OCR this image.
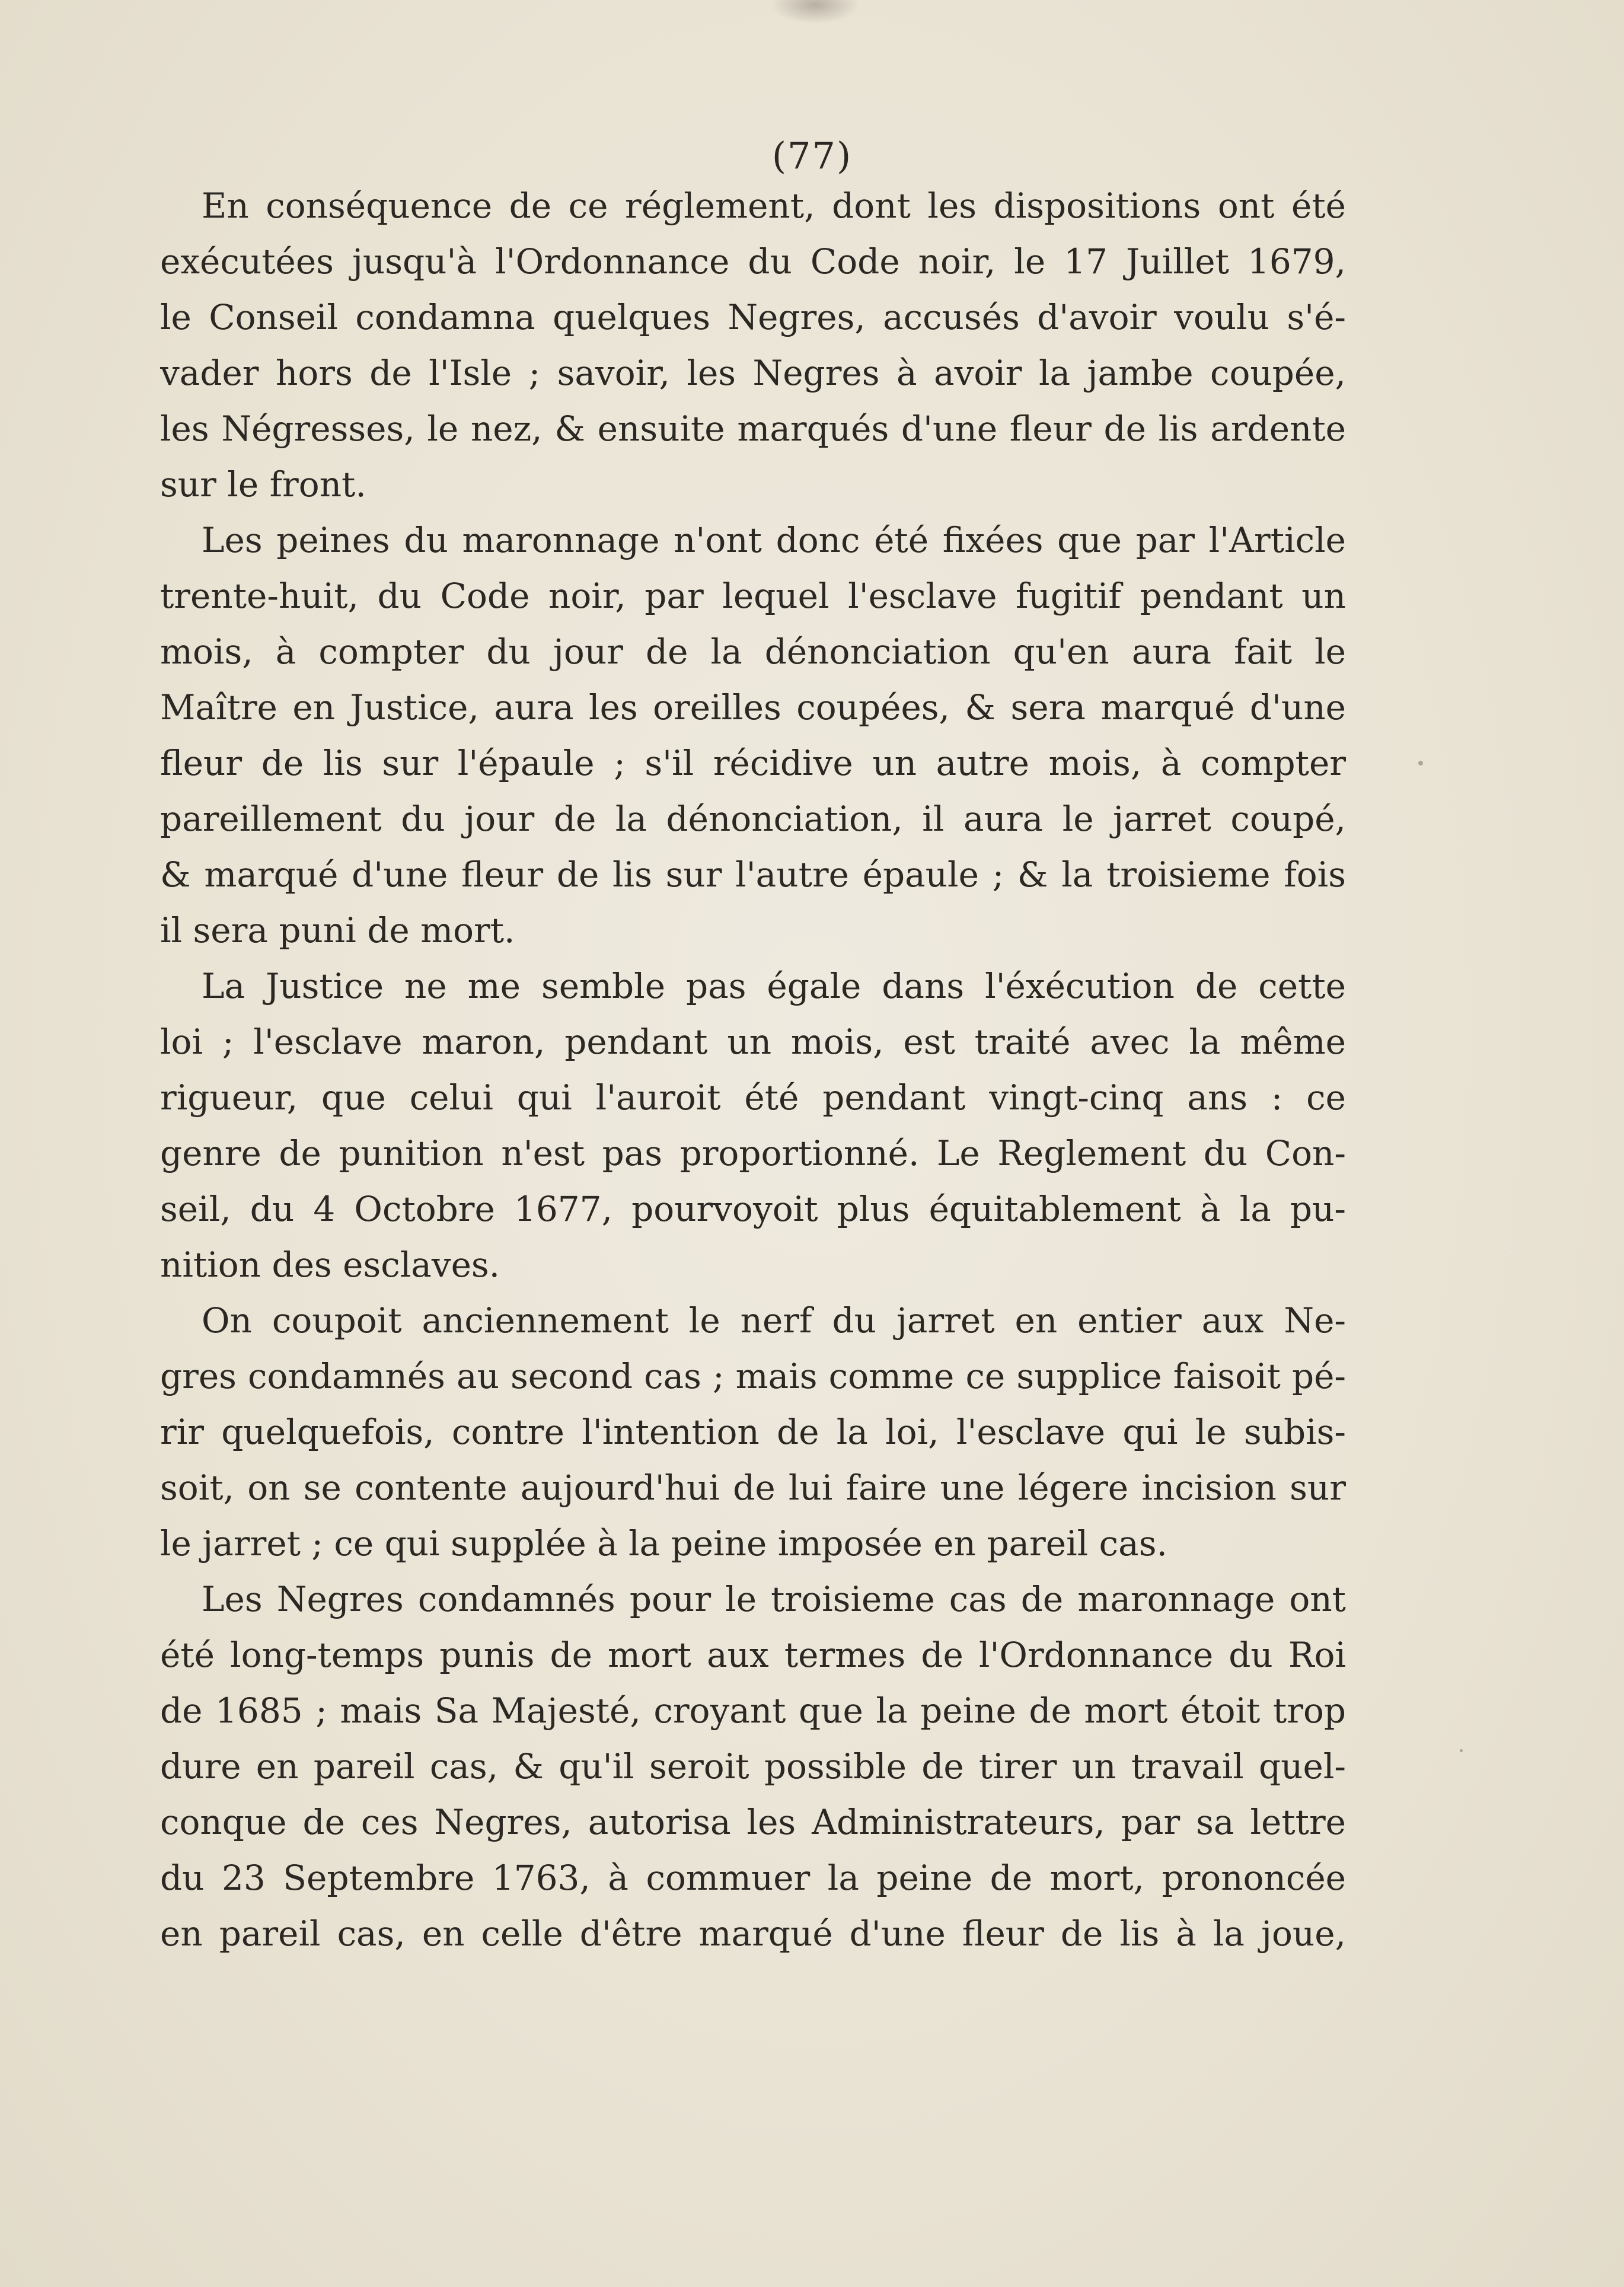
(77)
En conséquence de ce réglement, dont les dispositions ont été
exécutées jusqu'à l'Ordonnance du Code noir, le 17 Juillet 1679,
le Conseil condamna quelques Negres, accusés d'avoir voulu s'é-
vader hors de l'Isle ; savoir, les Negres à avoir la jambe coupée,
les Négresses, le nez, & ensuite marqués d'une fleur de lis ardente
sur le front.
Les peines du maronnage n'ont donc été fixées que par l'Article
trente-huit, du Code noir, par lequel l'esclave fugitif pendant un
mois, à compter du jour de la dénonciation qu'en aura fait le
Maître en Justice, aura les oreilles coupées, & sera marqué d'une
fleur de lis sur l'épaule ; s'il récidive un autre mois, à compter
pareillement du jour de la dénonciation, il aura le jarret coupé,
& marqué d'une fleur de lis sur l'autre épaule ; & la troisieme fois
il sera puni de mort.
La Justice ne me semble pas égale dans l'éxécution de cette
loi ; l'esclave maron, pendant un mois, est traité avec la même
rigueur, que celui qui l'auroit été pendant vingt-cinq ans : ce
genre de punition n'est pas proportionné. Le Reglement du Con-
seil, du 4 Octobre 1677, pourvoyoit plus équitablement à la pu-
nition des esclaves.
On coupoit anciennement le nerf du jarret en entier aux Ne-
gres condamnés au second cas ; mais comme ce supplice faisoit pé-
rir quelquefois, contre l'intention de la loi, l'esclave qui le subis-
soit, on se contente aujourd'hui de lui faire une légere incision sur
le jarret ; ce qui supplée à la peine imposée en pareil cas.
Les Negres condamnés pour le troisieme cas de maronnage ont
été long-temps punis de mort aux termes de l'Ordonnance du Roi
de 1685 ; mais Sa Majesté, croyant que la peine de mort étoit trop
dure en pareil cas, & qu'il seroit possible de tirer un travail quel-
conque de ces Negres, autorisa les Administrateurs, par sa lettre
du 23 Septembre 1763, à commuer la peine de mort, prononcée
en pareil cas, en celle d'être marqué d'une fleur de lis à la joue,
